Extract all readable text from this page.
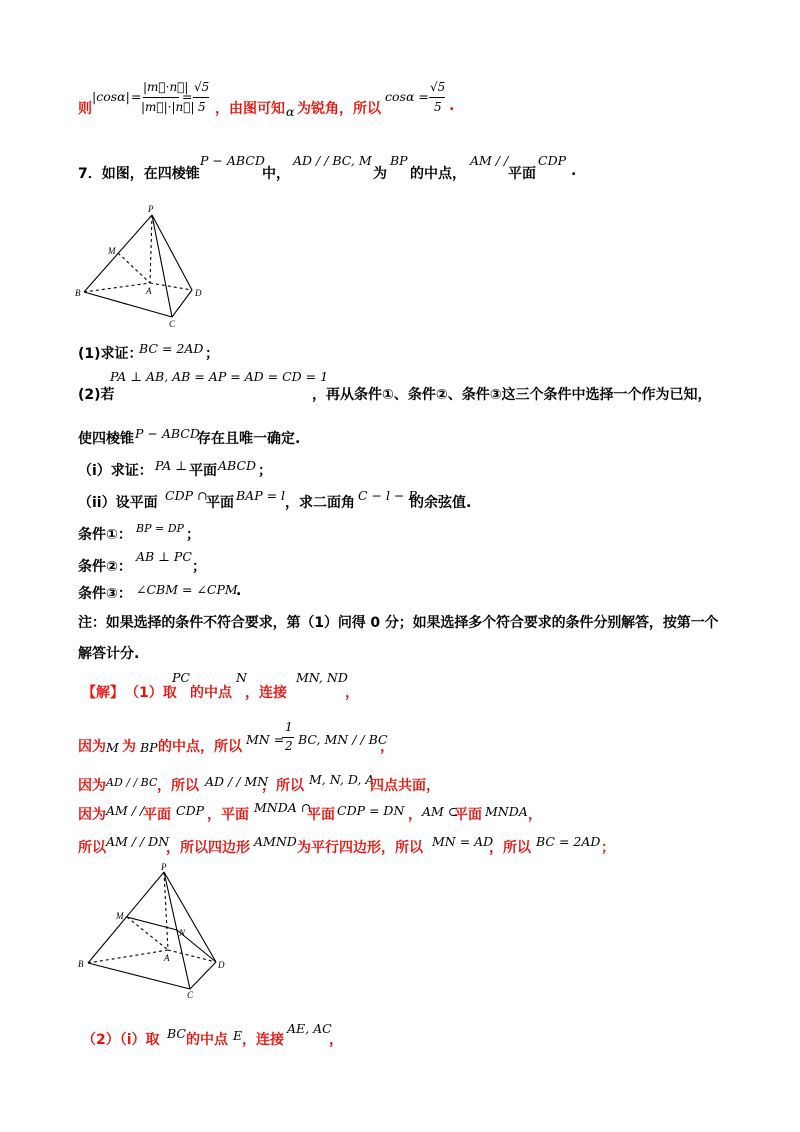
则
|cosα| =
|m⃗·n⃗|
|m⃗|·|n⃗|
=
√5
5 ，由图可知 α 为锐角，所以
cosα =
√5
5 .
7．如图，在四棱锥
P − ABCD
中，
AD / / BC, M
为
BP
的中点，
AM / /
平面
CDP
.
P
M
A
B	D
C
(1)求证：
BC = 2AD ；
(2)若
PA ⊥ AB, AB = AP = AD = CD = 1
，再从条件①、条件②、条件③这三个条件中选择一个作为已知，
使四棱锥 P − ABCD
存在且唯一确定.
（i）求证： PA ⊥ 平面 ABCD ；
（ii）设平面 CDP ∩
平面 BAP = l ，求二面角 C − l − B
的余弦值.
条件①： BP = DP ；
条件②：
AB ⊥ PC
；
条件③： ∠CBM = ∠CPM
.
注：如果选择的条件不符合要求，第（1）问得 0 分；如果选择多个符合要求的条件分别解答，按第一个
解答计分.
【解】 （1）取
PC
的中点
N
，连接
MN, ND
，
因为 M 为 BP 的中点，所以 MN =
1
2 BC, MN / / BC
，
因为 AD / / BC ，所以 AD / / MN
，所以 M, N, D, A
四点共面，
因为 AM / /
平面 CDP ，平面 MNDA ∩
平面 CDP = DN ， AM ⊂
平面 MNDA ，
所以 AM / / DN
，所以四边形 AMND 为平行四边形，所以 MN = AD
，所以 BC = 2AD ；
P
M
N
A
B	D
C
（2）（i）取 BC 的中点 E ，连接
AE, AC
，
